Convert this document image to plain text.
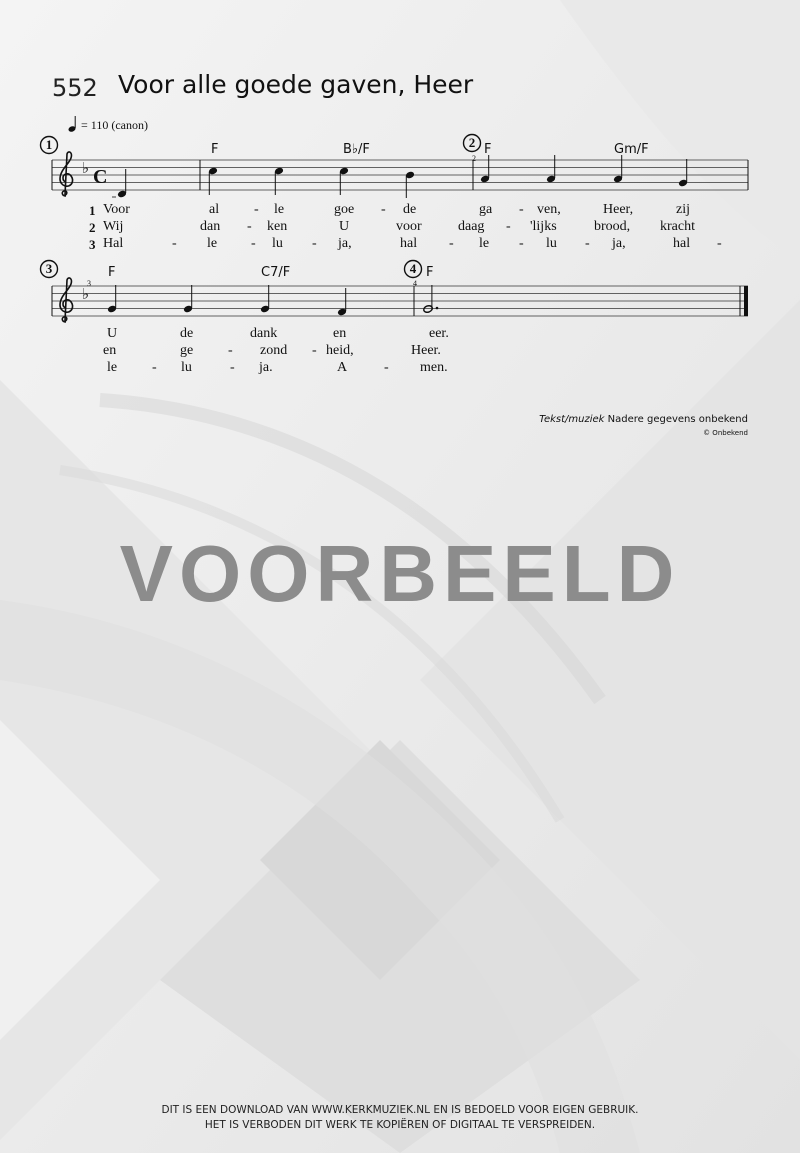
552 Voor alle goede gaven, Heer
= 110 (canon)
F	B♭/F	F	Gm/F
F	C7/F	F
1	2
3	4
2
3	4
♭ C
♭
1
2
3
Voor	al - le	goe - de	ga - ven,	Heer,	zij
Wij	dan - ken	U	voor	daag - 'lijks	brood, kracht
Hal	- le - lu - ja,	hal - le - lu - ja,	hal -
U	de	dank	en	eer.
en	ge - zond - heid,	Heer.
le - lu	- ja.	A	- men.
Tekst/muziek Nadere gegevens onbekend
© Onbekend
VOORBEELD
DIT IS EEN DOWNLOAD VAN WWW.KERKMUZIEK.NL EN IS BEDOELD VOOR EIGEN GEBRUIK.
HET IS VERBODEN DIT WERK TE KOPIËREN OF DIGITAAL TE VERSPREIDEN.
